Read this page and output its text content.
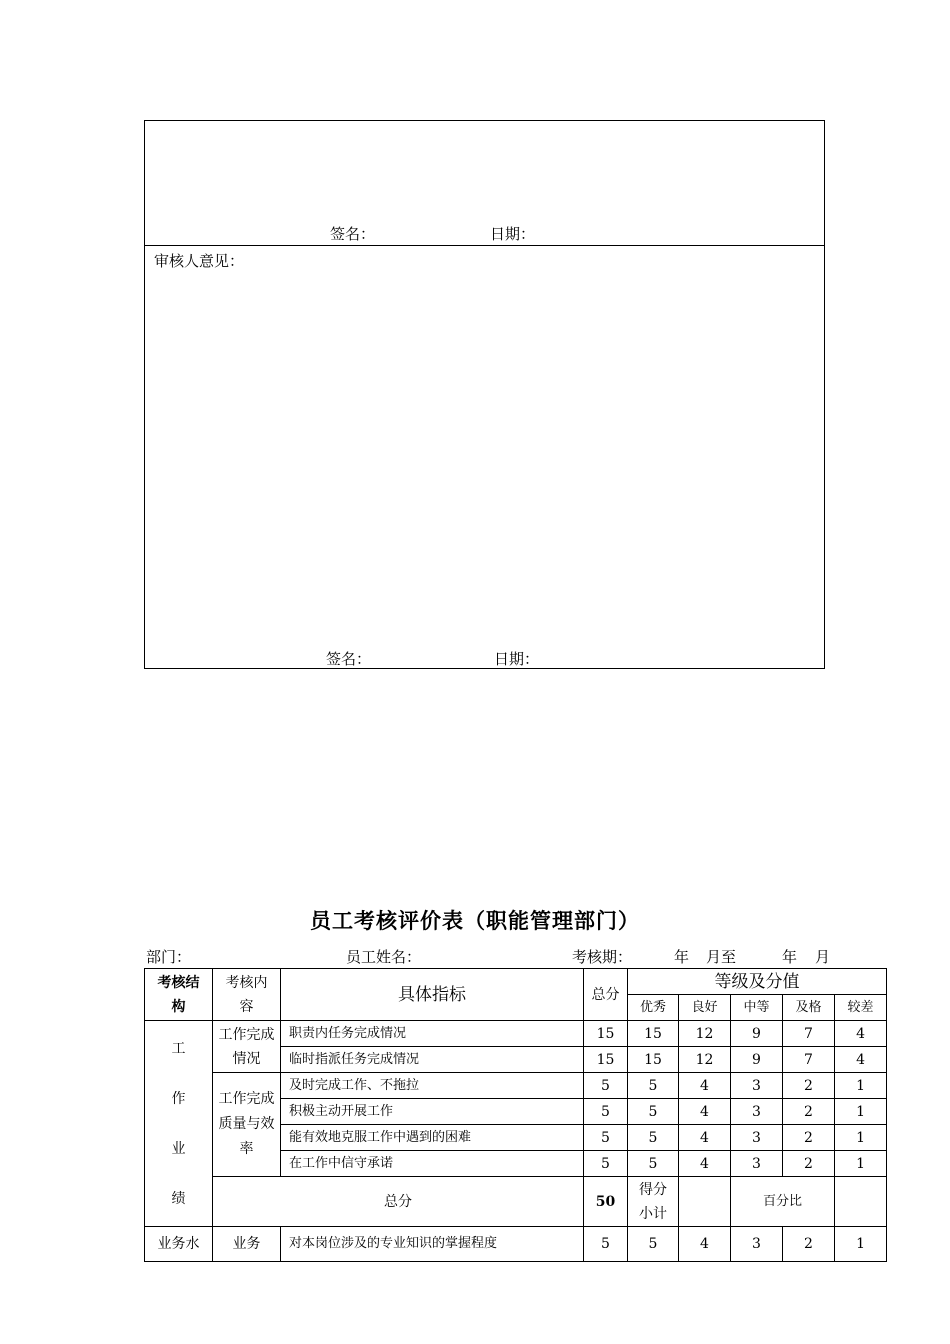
签名：	日期：
审核人意见：
签名：	日期：
员工考核评价表（职能管理部门）
部门：	员工姓名：	考核期：	年 月至	年 月
考核结构	考核内容	具体指标	总分	等级及分值				
				优秀	良好	中等	及格	较差
工作业绩	工作完成情况	职责内任务完成情况	15	15	12	9	7	4
		临时指派任务完成情况	15	15	12	9	7	4
	工作完成质量与效率	及时完成工作、不拖拉	5	5	4	3	2	1
		积极主动开展工作	5	5	4	3	2	1
		能有效地克服工作中遇到的困难	5	5	4	3	2	1
		在工作中信守承诺	5	5	4	3	2	1
	总分		50	得分小计		百分比		
业务水	业务	对本岗位涉及的专业知识的掌握程度	5	5	4	3	2	1
